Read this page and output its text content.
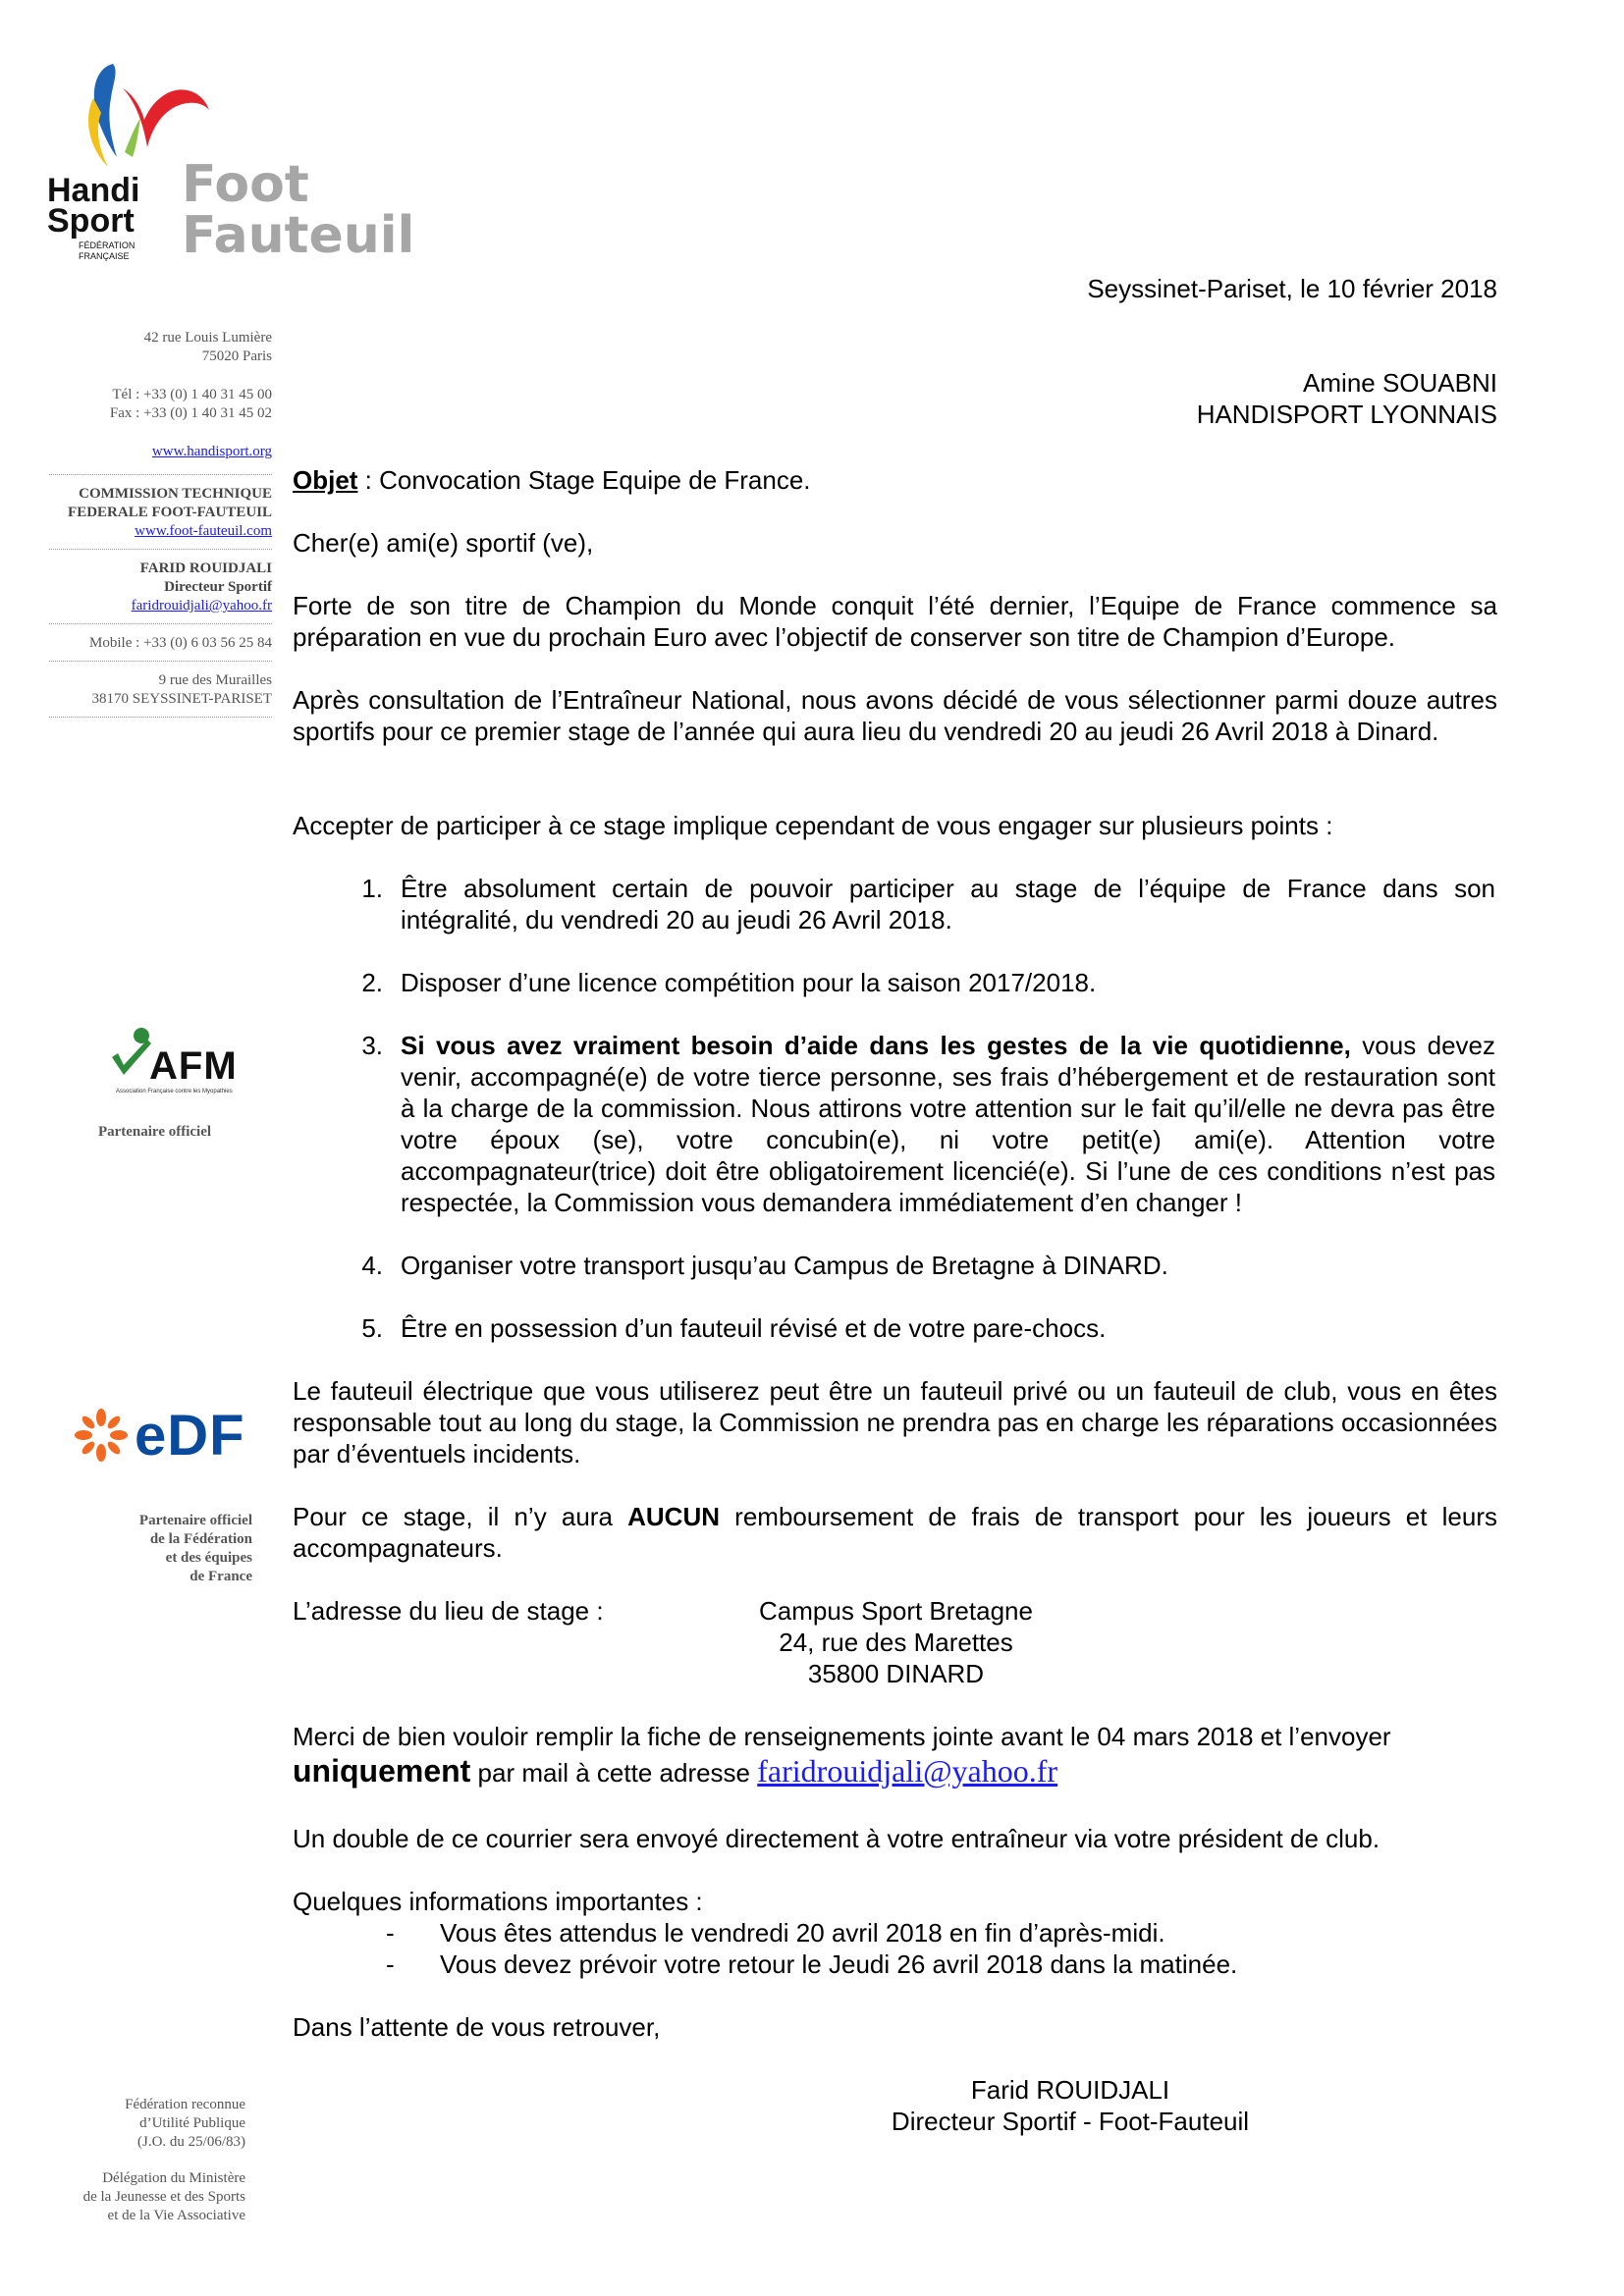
Handi
Sport
FÉDÉRATION
FRANÇAISE
Foot
Fauteuil
42 rue Louis Lumière
75020 Paris
Tél : +33 (0) 1 40 31 45 00
Fax : +33 (0) 1 40 31 45 02
www.handisport.org
COMMISSION TECHNIQUE
FEDERALE FOOT-FAUTEUIL
www.foot-fauteuil.com
FARID ROUIDJALI
Directeur Sportif
faridrouidjali@yahoo.fr
Mobile : +33 (0) 6 03 56 25 84
9 rue des Murailles
38170 SEYSSINET-PARISET
AFM
Association Française contre les Myopathies
Partenaire officiel
eDF
Partenaire officiel
de la Fédération
et des équipes
de France
Fédération reconnue
d’Utilité Publique
(J.O. du 25/06/83)
Délégation du Ministère
de la Jeunesse et des Sports
et de la Vie Associative
Seyssinet-Pariset, le 10 février 2018
Amine SOUABNI
HANDISPORT LYONNAIS
Objet : Convocation Stage Equipe de France.
Cher(e) ami(e) sportif (ve),
Forte de son titre de Champion du Monde conquit l’été dernier, l’Equipe de France commence sa préparation en vue du prochain Euro avec l’objectif de conserver son titre de Champion d’Europe.
Après consultation de l’Entraîneur National, nous avons décidé de vous sélectionner parmi douze autres sportifs pour ce premier stage de l’année qui aura lieu du vendredi 20 au jeudi 26 Avril 2018 à Dinard.
Accepter de participer à ce stage implique cependant de vous engager sur plusieurs points :
1. Être absolument certain de pouvoir participer au stage de l’équipe de France dans son intégralité, du vendredi 20 au jeudi 26 Avril 2018.
2. Disposer d’une licence compétition pour la saison 2017/2018.
3. Si vous avez vraiment besoin d’aide dans les gestes de la vie quotidienne, vous devez venir, accompagné(e) de votre tierce personne, ses frais d’hébergement et de restauration sont à la charge de la commission. Nous attirons votre attention sur le fait qu’il/elle ne devra pas être votre époux (se), votre concubin(e), ni votre petit(e) ami(e). Attention votre accompagnateur(trice) doit être obligatoirement licencié(e). Si l’une de ces conditions n’est pas respectée, la Commission vous demandera immédiatement d’en changer !
4. Organiser votre transport jusqu’au Campus de Bretagne à DINARD.
5. Être en possession d’un fauteuil révisé et de votre pare-chocs.
Le fauteuil électrique que vous utiliserez peut être un fauteuil privé ou un fauteuil de club, vous en êtes responsable tout au long du stage, la Commission ne prendra pas en charge les réparations occasionnées par d’éventuels incidents.
Pour ce stage, il n’y aura AUCUN remboursement de frais de transport pour les joueurs et leurs accompagnateurs.
L’adresse du lieu de stage :	Campus Sport Bretagne
24, rue des Marettes
35800 DINARD
Merci de bien vouloir remplir la fiche de renseignements jointe avant le 04 mars 2018 et l’envoyer
uniquement par mail à cette adresse faridrouidjali@yahoo.fr
Un double de ce courrier sera envoyé directement à votre entraîneur via votre président de club.
Quelques informations importantes :
- Vous êtes attendus le vendredi 20 avril 2018 en fin d’après-midi.
- Vous devez prévoir votre retour le Jeudi 26 avril 2018 dans la matinée.
Dans l’attente de vous retrouver,
Farid ROUIDJALI
Directeur Sportif - Foot-Fauteuil
